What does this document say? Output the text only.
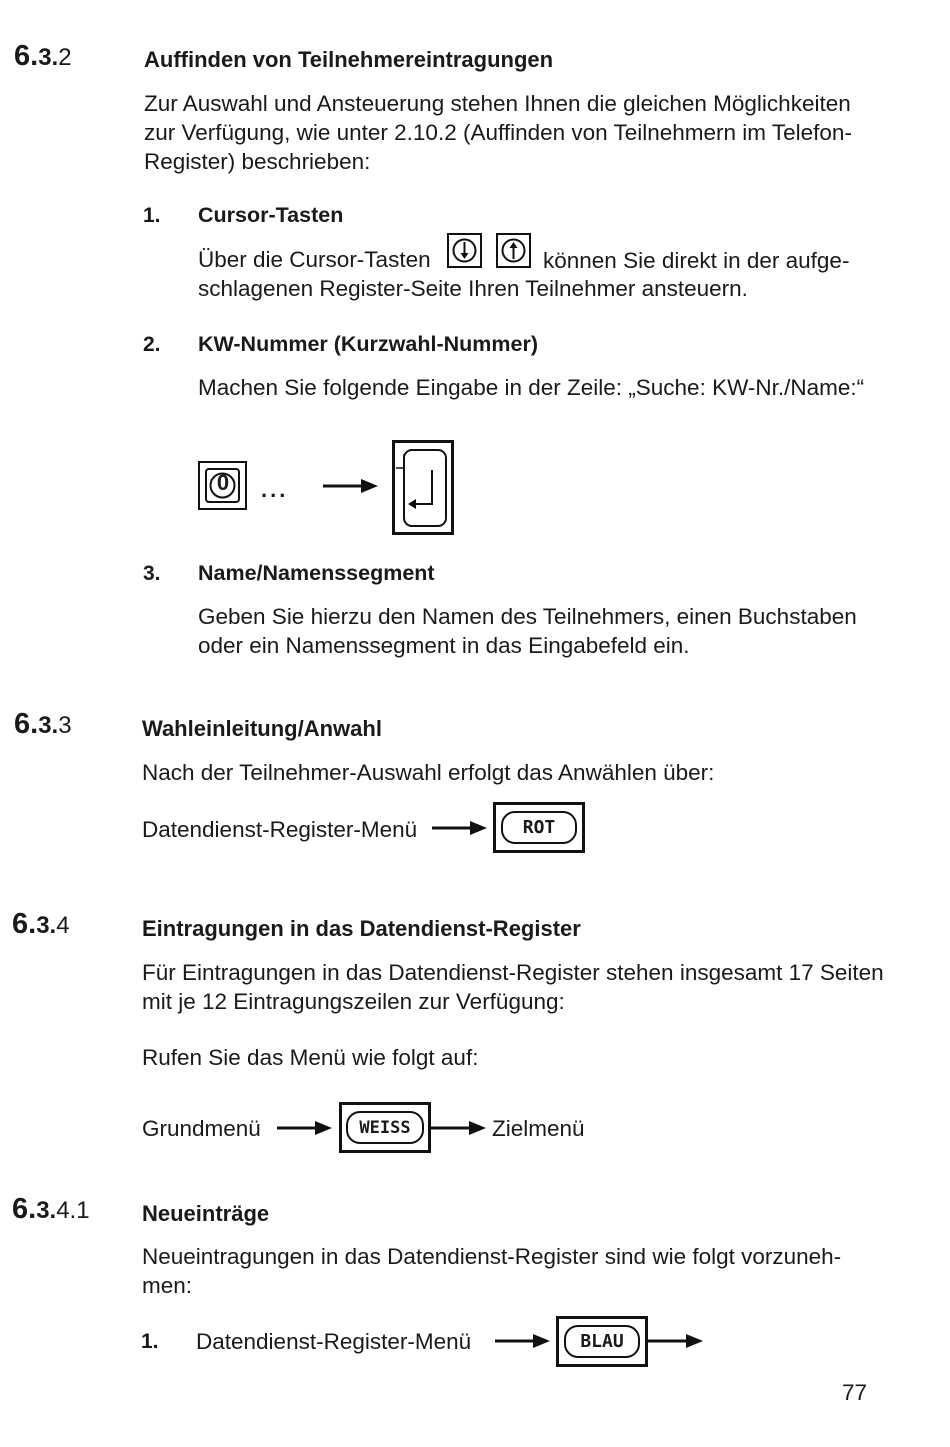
6.3.2	Auffinden von Teilnehmereintragungen
Zur Auswahl und Ansteuerung stehen Ihnen die gleichen Möglichkeiten
zur Verfügung, wie unter 2.10.2 (Auffinden von Teilnehmern im Telefon-
Register) beschrieben:
1. Cursor-Tasten
Über die Cursor-Tasten	können Sie direkt in der aufge-
schlagenen Register-Seite Ihren Teilnehmer ansteuern.
2. KW-Nummer (Kurzwahl-Nummer)
Machen Sie folgende Eingabe in der Zeile: „Suche: KW-Nr./Name:“
0 ...
3. Name/Namenssegment
Geben Sie hierzu den Namen des Teilnehmers, einen Buchstaben
oder ein Namenssegment in das Eingabefeld ein.
6.3.3	Wahleinleitung/Anwahl
Nach der Teilnehmer-Auswahl erfolgt das Anwählen über:
Datendienst-Register-Menü	ROT
6.3.4	Eintragungen in das Datendienst-Register
Für Eintragungen in das Datendienst-Register stehen insgesamt 17 Seiten
mit je 12 Eintragungszeilen zur Verfügung:
Rufen Sie das Menü wie folgt auf:
Grundmenü	WEISS	Zielmenü
6.3.4.1 Neueinträge
Neueintragungen in das Datendienst-Register sind wie folgt vorzuneh-
men:
1. Datendienst-Register-Menü	BLAU
77
